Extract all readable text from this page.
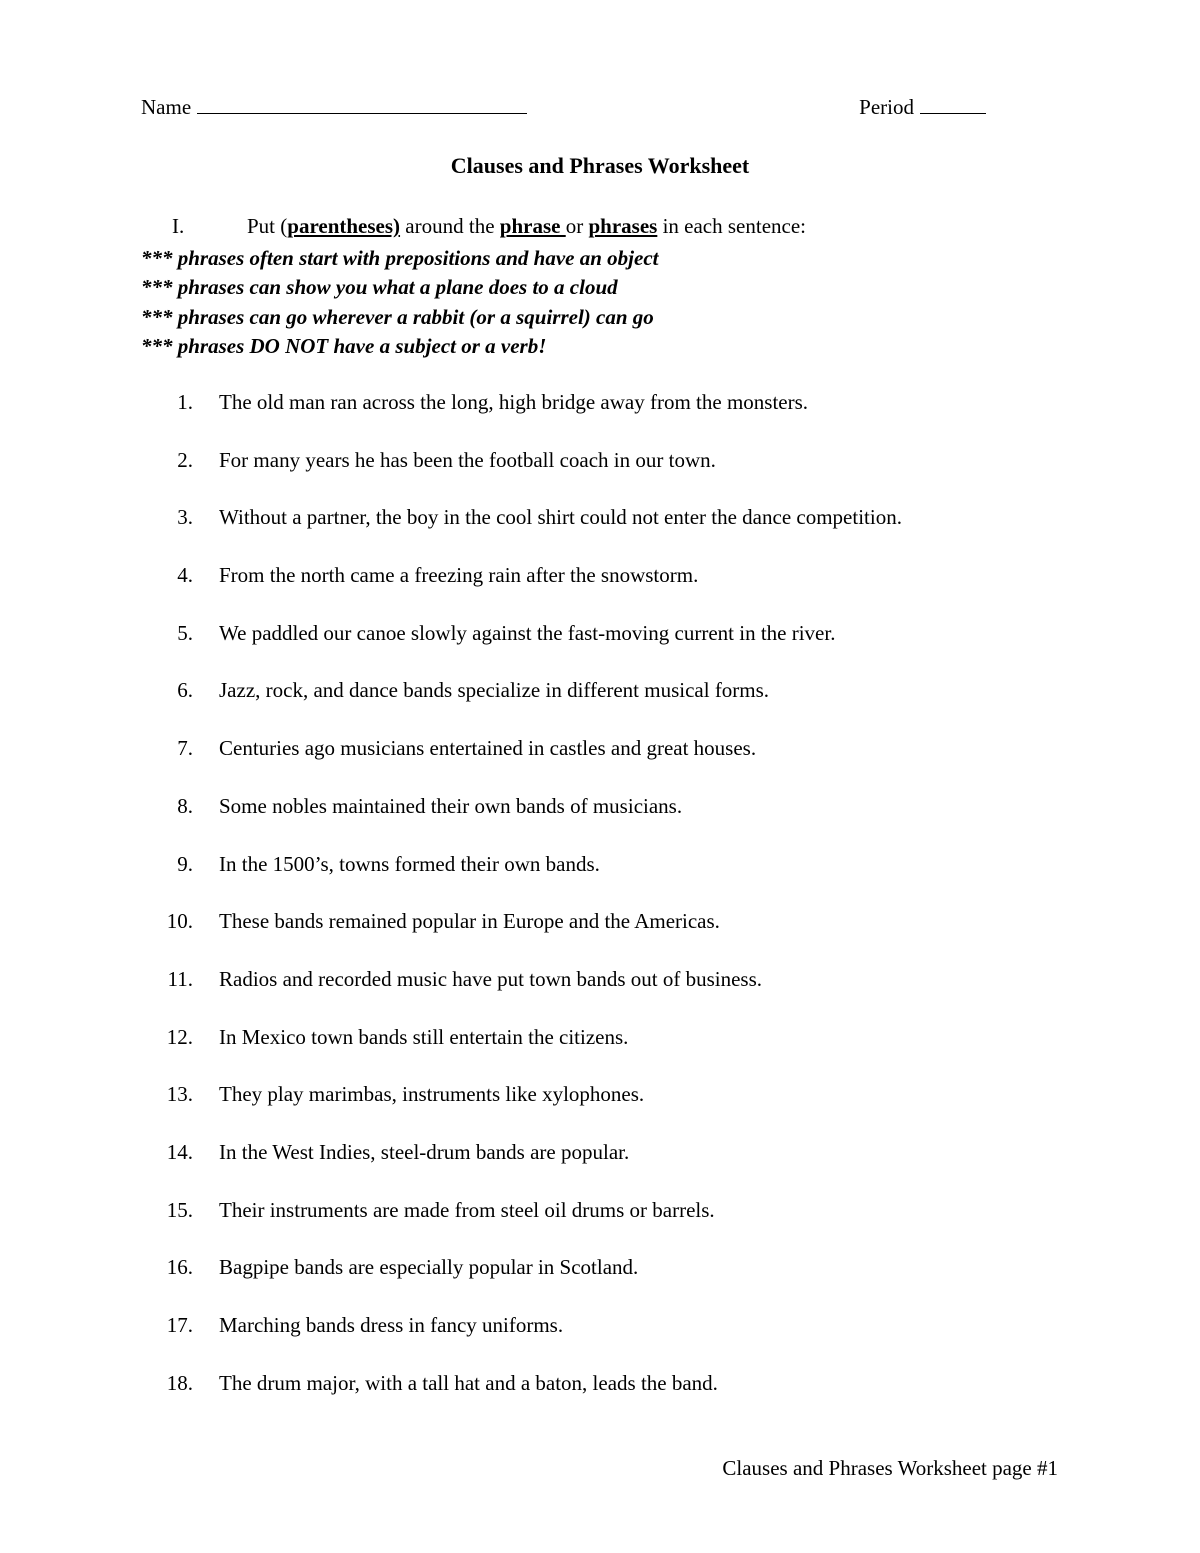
Name	Period
Clauses and Phrases Worksheet
I.	Put (parentheses) around the phrase or phrases in each sentence:
*** phrases often start with prepositions and have an object
*** phrases can show you what a plane does to a cloud
*** phrases can go wherever a rabbit (or a squirrel) can go
*** phrases DO NOT have a subject or a verb!
1. The old man ran across the long, high bridge away from the monsters.
2. For many years he has been the football coach in our town.
3. Without a partner, the boy in the cool shirt could not enter the dance competition.
4. From the north came a freezing rain after the snowstorm.
5. We paddled our canoe slowly against the fast-moving current in the river.
6. Jazz, rock, and dance bands specialize in different musical forms.
7. Centuries ago musicians entertained in castles and great houses.
8. Some nobles maintained their own bands of musicians.
9. In the 1500’s, towns formed their own bands.
10. These bands remained popular in Europe and the Americas.
11. Radios and recorded music have put town bands out of business.
12. In Mexico town bands still entertain the citizens.
13. They play marimbas, instruments like xylophones.
14. In the West Indies, steel-drum bands are popular.
15. Their instruments are made from steel oil drums or barrels.
16. Bagpipe bands are especially popular in Scotland.
17. Marching bands dress in fancy uniforms.
18. The drum major, with a tall hat and a baton, leads the band.
Clauses and Phrases Worksheet page #1
